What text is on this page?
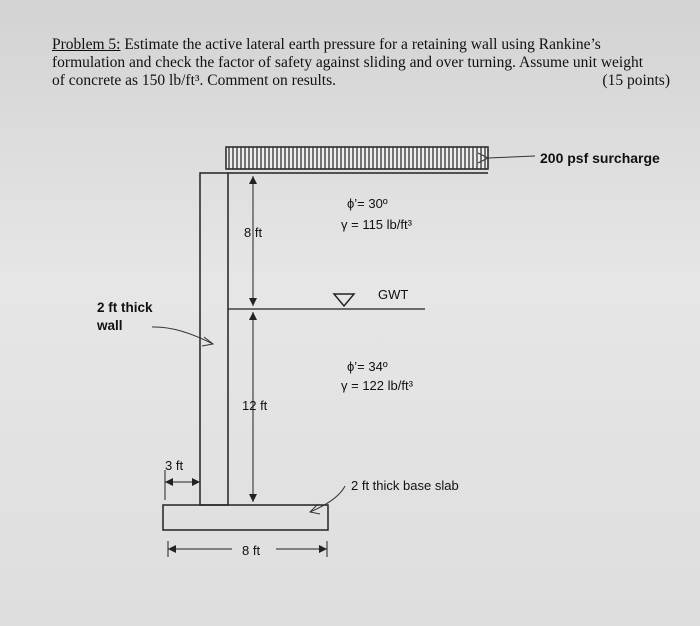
Problem 5: Estimate the active lateral earth pressure for a retaining wall using Rankine’s
formulation and check the factor of safety against sliding and over turning. Assume unit weight
of concrete as 150 lb/ft³. Comment on results.	(15 points)
200 psf surcharge
8 ft
ϕ’= 30º
γ = 115 lb/ft³
GWT
2 ft thick
wall
ϕ’= 34º
γ = 122 lb/ft³
12 ft
3 ft
2 ft thick base slab
8 ft
